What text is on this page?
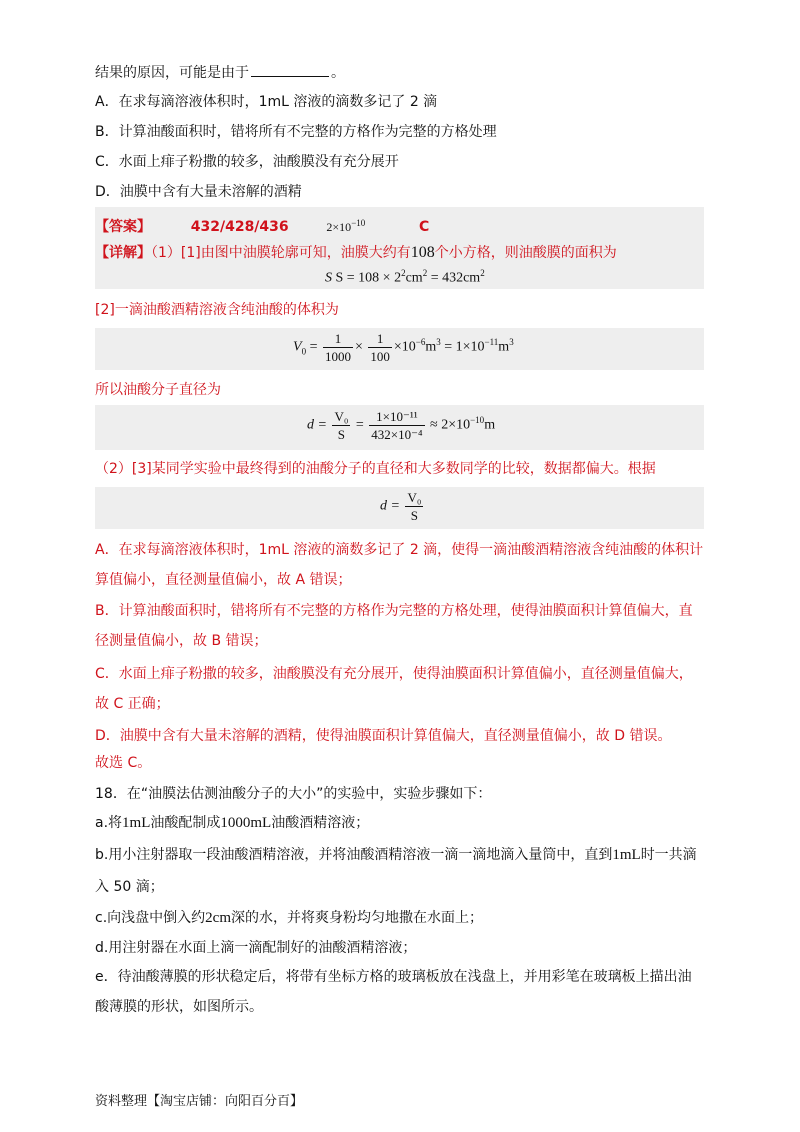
结果的原因，可能是由于	。
A．在求每滴溶液体积时，1mL 溶液的滴数多记了 2 滴
B．计算油酸面积时，错将所有不完整的方格作为完整的方格处理
C．水面上痱子粉撒的较多，油酸膜没有充分展开
D．油膜中含有大量未溶解的酒精
【答案】	432/428/436	$2\times 10^{-10}$	C
【详解】（1）[1]由图中油膜轮廓可知，油膜大约有108个小方格，则油酸膜的面积为
S $S = 108 \times 2^2cm^2 = 432cm^2$
[2]一滴油酸酒精溶液含纯油酸的体积为
$V_0 = \frac{1}{1000} \times \frac{1}{100} \times 10^{-6}m^3 = 1\times 10^{-11}m^3$
所以油酸分子直径为
$d = \frac{\text{V₀}}{S} = \frac{\text{1×10⁻¹¹}}{\text{432×10⁻⁴}} \approx 2\times 10^{-10}m$
（2）[3]某同学实验中最终得到的油酸分子的直径和大多数同学的比较，数据都偏大。根据
$d = \frac{\text{V₀}}{S}$
A．在求每滴溶液体积时，1mL 溶液的滴数多记了 2 滴，使得一滴油酸酒精溶液含纯油酸的体积计
算值偏小，直径测量值偏小，故 A 错误；
B．计算油酸面积时，错将所有不完整的方格作为完整的方格处理，使得油膜面积计算值偏大，直
径测量值偏小，故 B 错误；
C．水面上痱子粉撒的较多，油酸膜没有充分展开，使得油膜面积计算值偏小，直径测量值偏大，
故 C 正确；
D．油膜中含有大量未溶解的酒精，使得油膜面积计算值偏大，直径测量值偏小，故 D 错误。
故选 C。
18．在“油膜法估测油酸分子的大小”的实验中，实验步骤如下：
a.将1mL油酸配制成1000mL油酸酒精溶液；
b.用小注射器取一段油酸酒精溶液，并将油酸酒精溶液一滴一滴地滴入量筒中，直到1mL时一共滴
入 50 滴；
c.向浅盘中倒入约2cm深的水，并将爽身粉均匀地撒在水面上；
d.用注射器在水面上滴一滴配制好的油酸酒精溶液；
e．待油酸薄膜的形状稳定后，将带有坐标方格的玻璃板放在浅盘上，并用彩笔在玻璃板上描出油
酸薄膜的形状，如图所示。
资料整理【淘宝店铺：向阳百分百】
